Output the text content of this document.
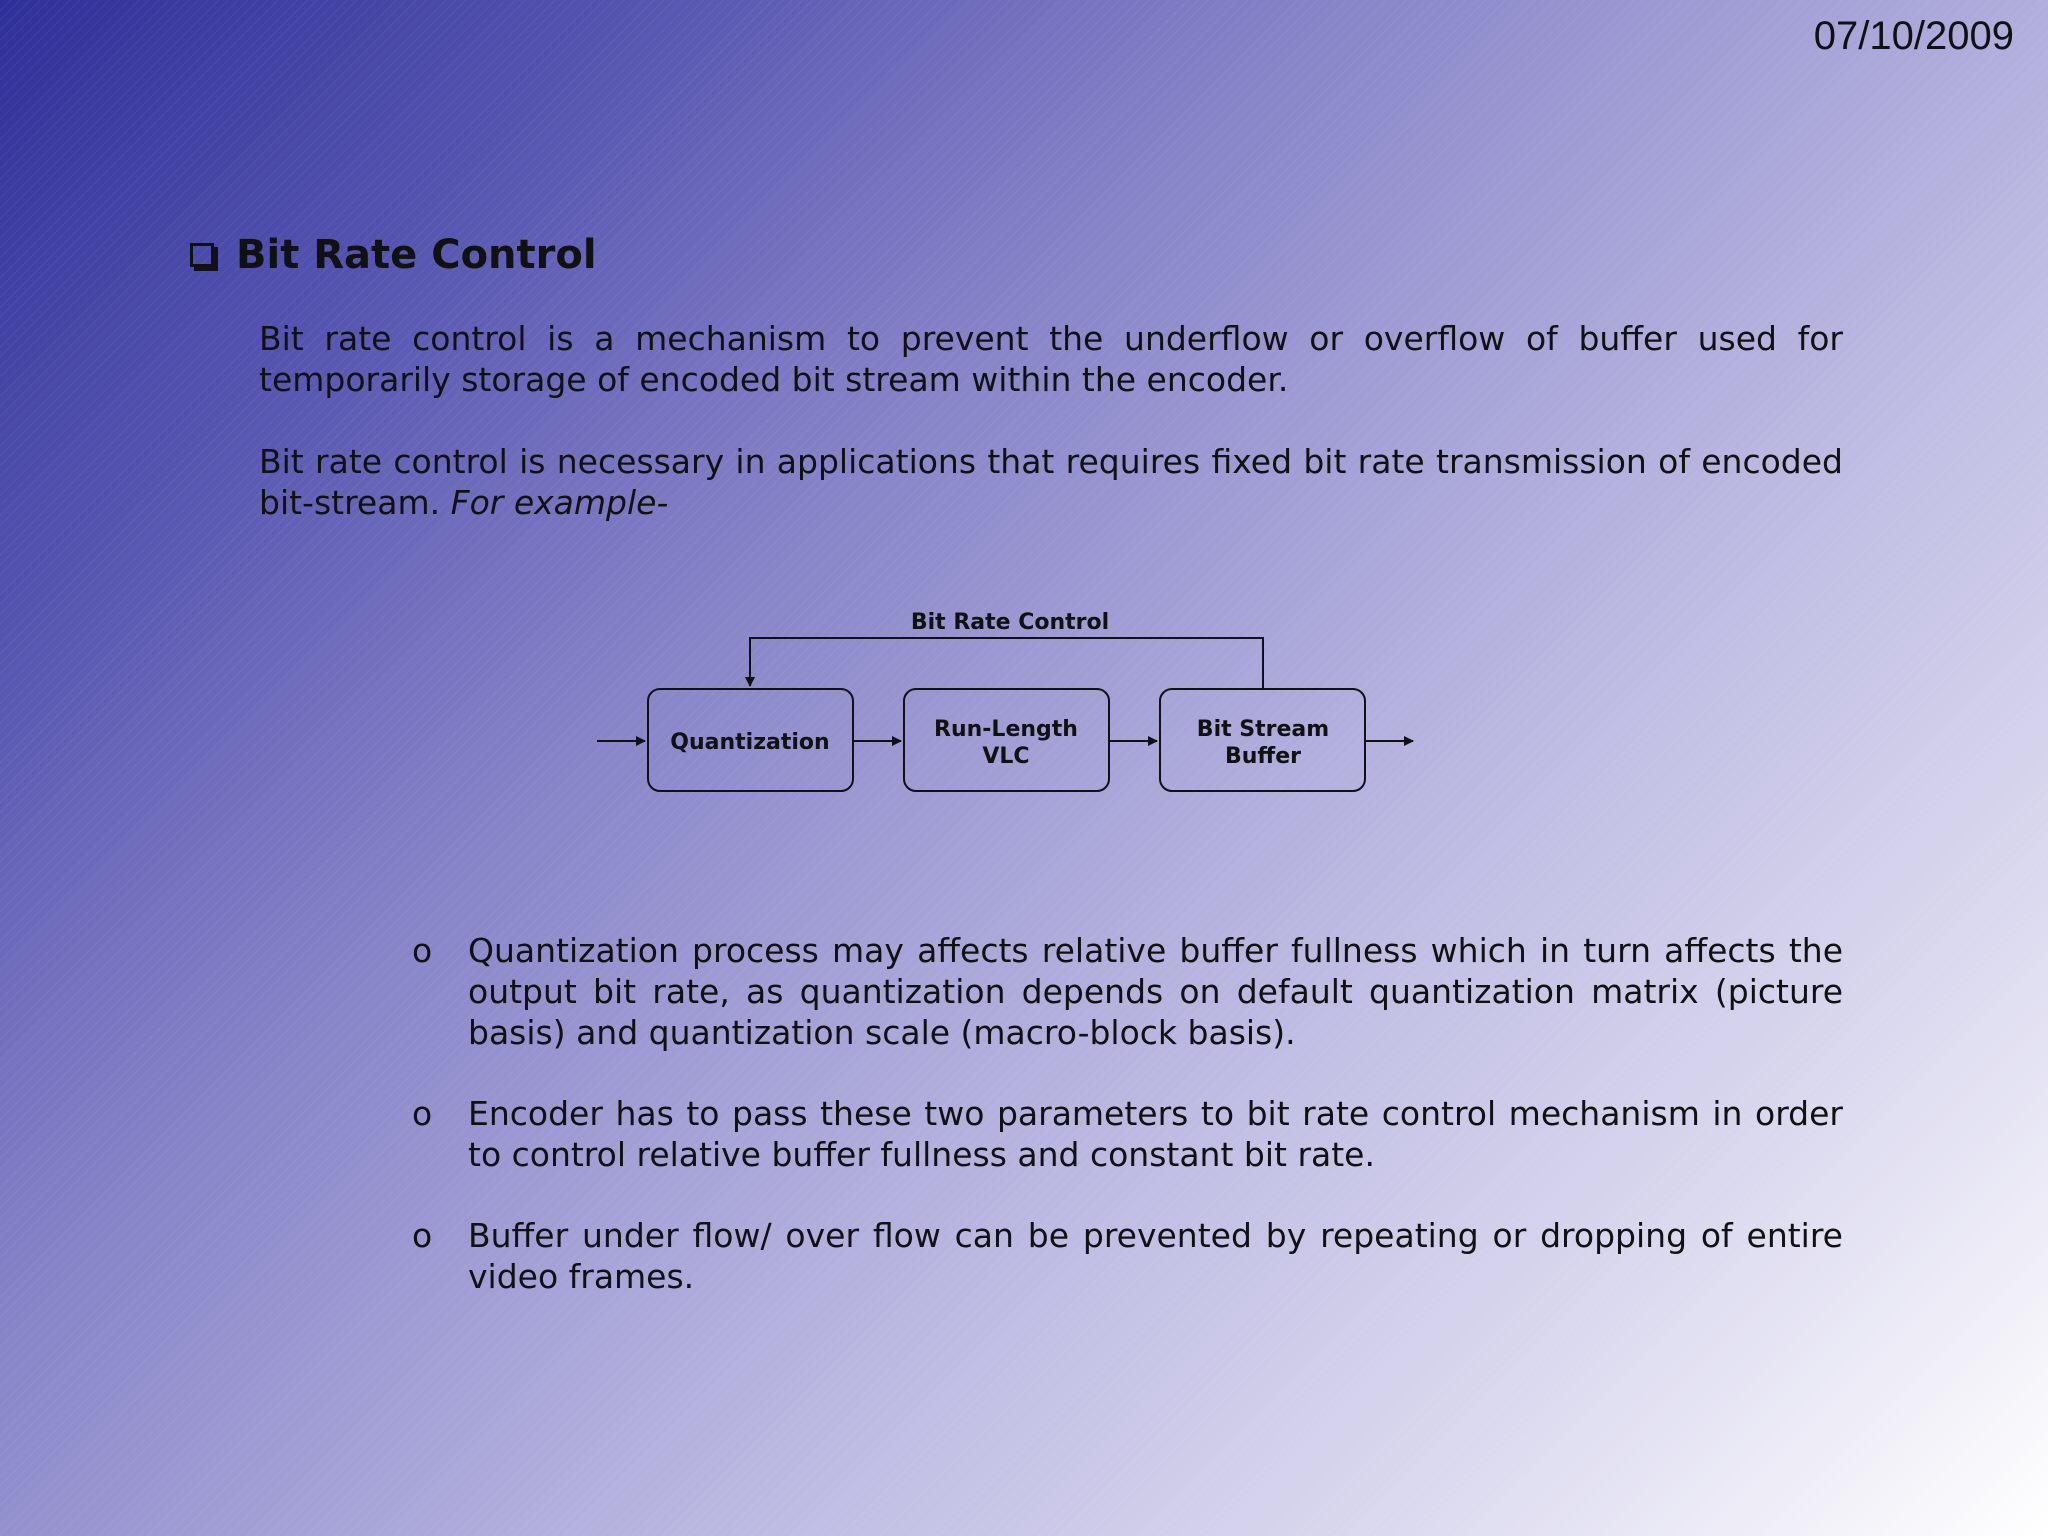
07/10/2009
Bit Rate Control
Bit rate control is a mechanism to prevent the underflow or overflow of buffer used for temporarily storage of encoded bit stream within the encoder.
Bit rate control is necessary in applications that requires fixed bit rate transmission of encoded bit-stream. For example-
Bit Rate Control
Quantization
Run-Length
VLC
Bit Stream
Buffer
o	Quantization process may affects relative buffer fullness which in turn affects the output bit rate, as quantization depends on default quantization matrix (picture basis) and quantization scale (macro-block basis).
o	Encoder has to pass these two parameters to bit rate control mechanism in order to control relative buffer fullness and constant bit rate.
o	Buffer under flow/ over flow can be prevented by repeating or dropping of entire video frames.
